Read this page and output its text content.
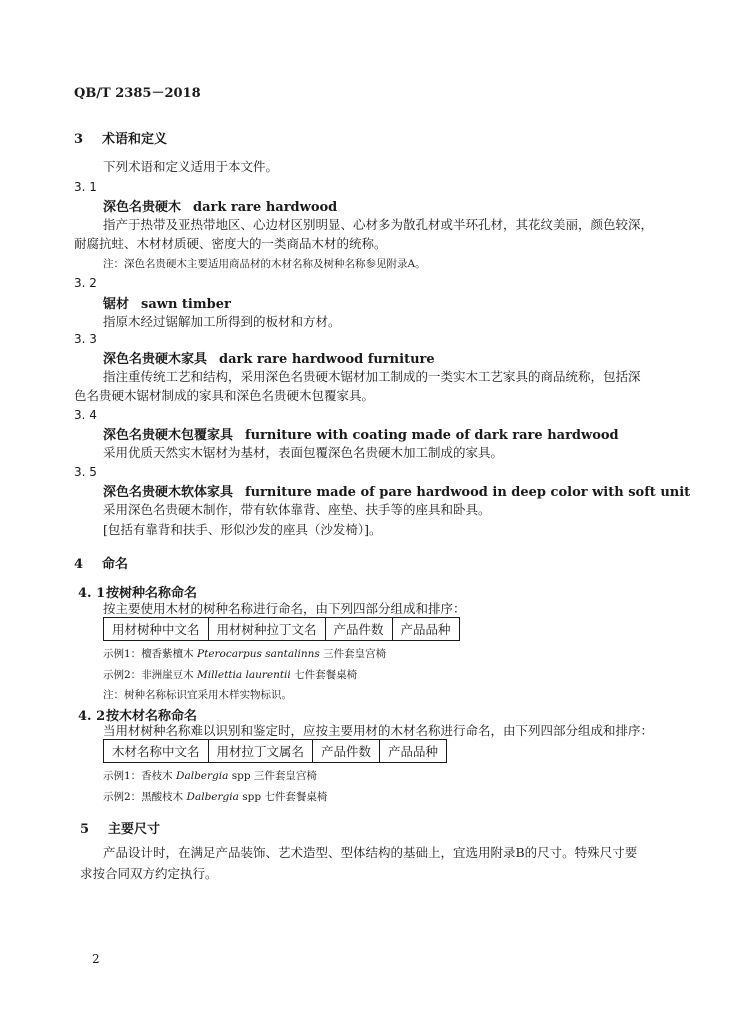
QB/T 2385－2018
3 术语和定义
下列术语和定义适用于本文件。
3. 1
深色名贵硬木 dark rare hardwood
指产于热带及亚热带地区、心边材区别明显、心材多为散孔材或半环孔材，其花纹美丽，颜色较深，
耐腐抗蛀、木材材质硬、密度大的一类商品木材的统称。
注：深色名贵硬木主要适用商品材的木材名称及树种名称参见附录A。
3. 2
锯材 sawn timber
指原木经过锯解加工所得到的板材和方材。
3. 3
深色名贵硬木家具 dark rare hardwood furniture
指注重传统工艺和结构，采用深色名贵硬木锯材加工制成的一类实木工艺家具的商品统称，包括深
色名贵硬木锯材制成的家具和深色名贵硬木包覆家具。
3. 4
深色名贵硬木包覆家具 furniture with coating made of dark rare hardwood
采用优质天然实木锯材为基材，表面包覆深色名贵硬木加工制成的家具。
3. 5
深色名贵硬木软体家具 furniture made of pare hardwood in deep color with soft unit
采用深色名贵硬木制作，带有软体靠背、座垫、扶手等的座具和卧具。
[包括有靠背和扶手、形似沙发的座具（沙发椅）]。
4 命名
4. 1按树种名称命名
按主要使用木材的树种名称进行命名，由下列四部分组成和排序：
用材树种中文名	用材树种拉丁文名	产品件数	产品品种
示例1：檀香紫檀木 Pterocarpus santalinns 三件套皇宫椅
示例2：非洲崖豆木 Millettia laurentii 七件套餐桌椅
注：树种名称标识宜采用木样实物标识。
4. 2按木材名称命名
当用材树种名称难以识别和鉴定时，应按主要用材的木材名称进行命名，由下列四部分组成和排序：
木材名称中文名	用材拉丁文属名	产品件数	产品品种
示例1：香枝木 Dalbergia spp 三件套皇宫椅
示例2：黑酸枝木 Dalbergia spp 七件套餐桌椅
5 主要尺寸
产品设计时，在满足产品装饰、艺术造型、型体结构的基础上，宜选用附录B的尺寸。特殊尺寸要
求按合同双方约定执行。
2
